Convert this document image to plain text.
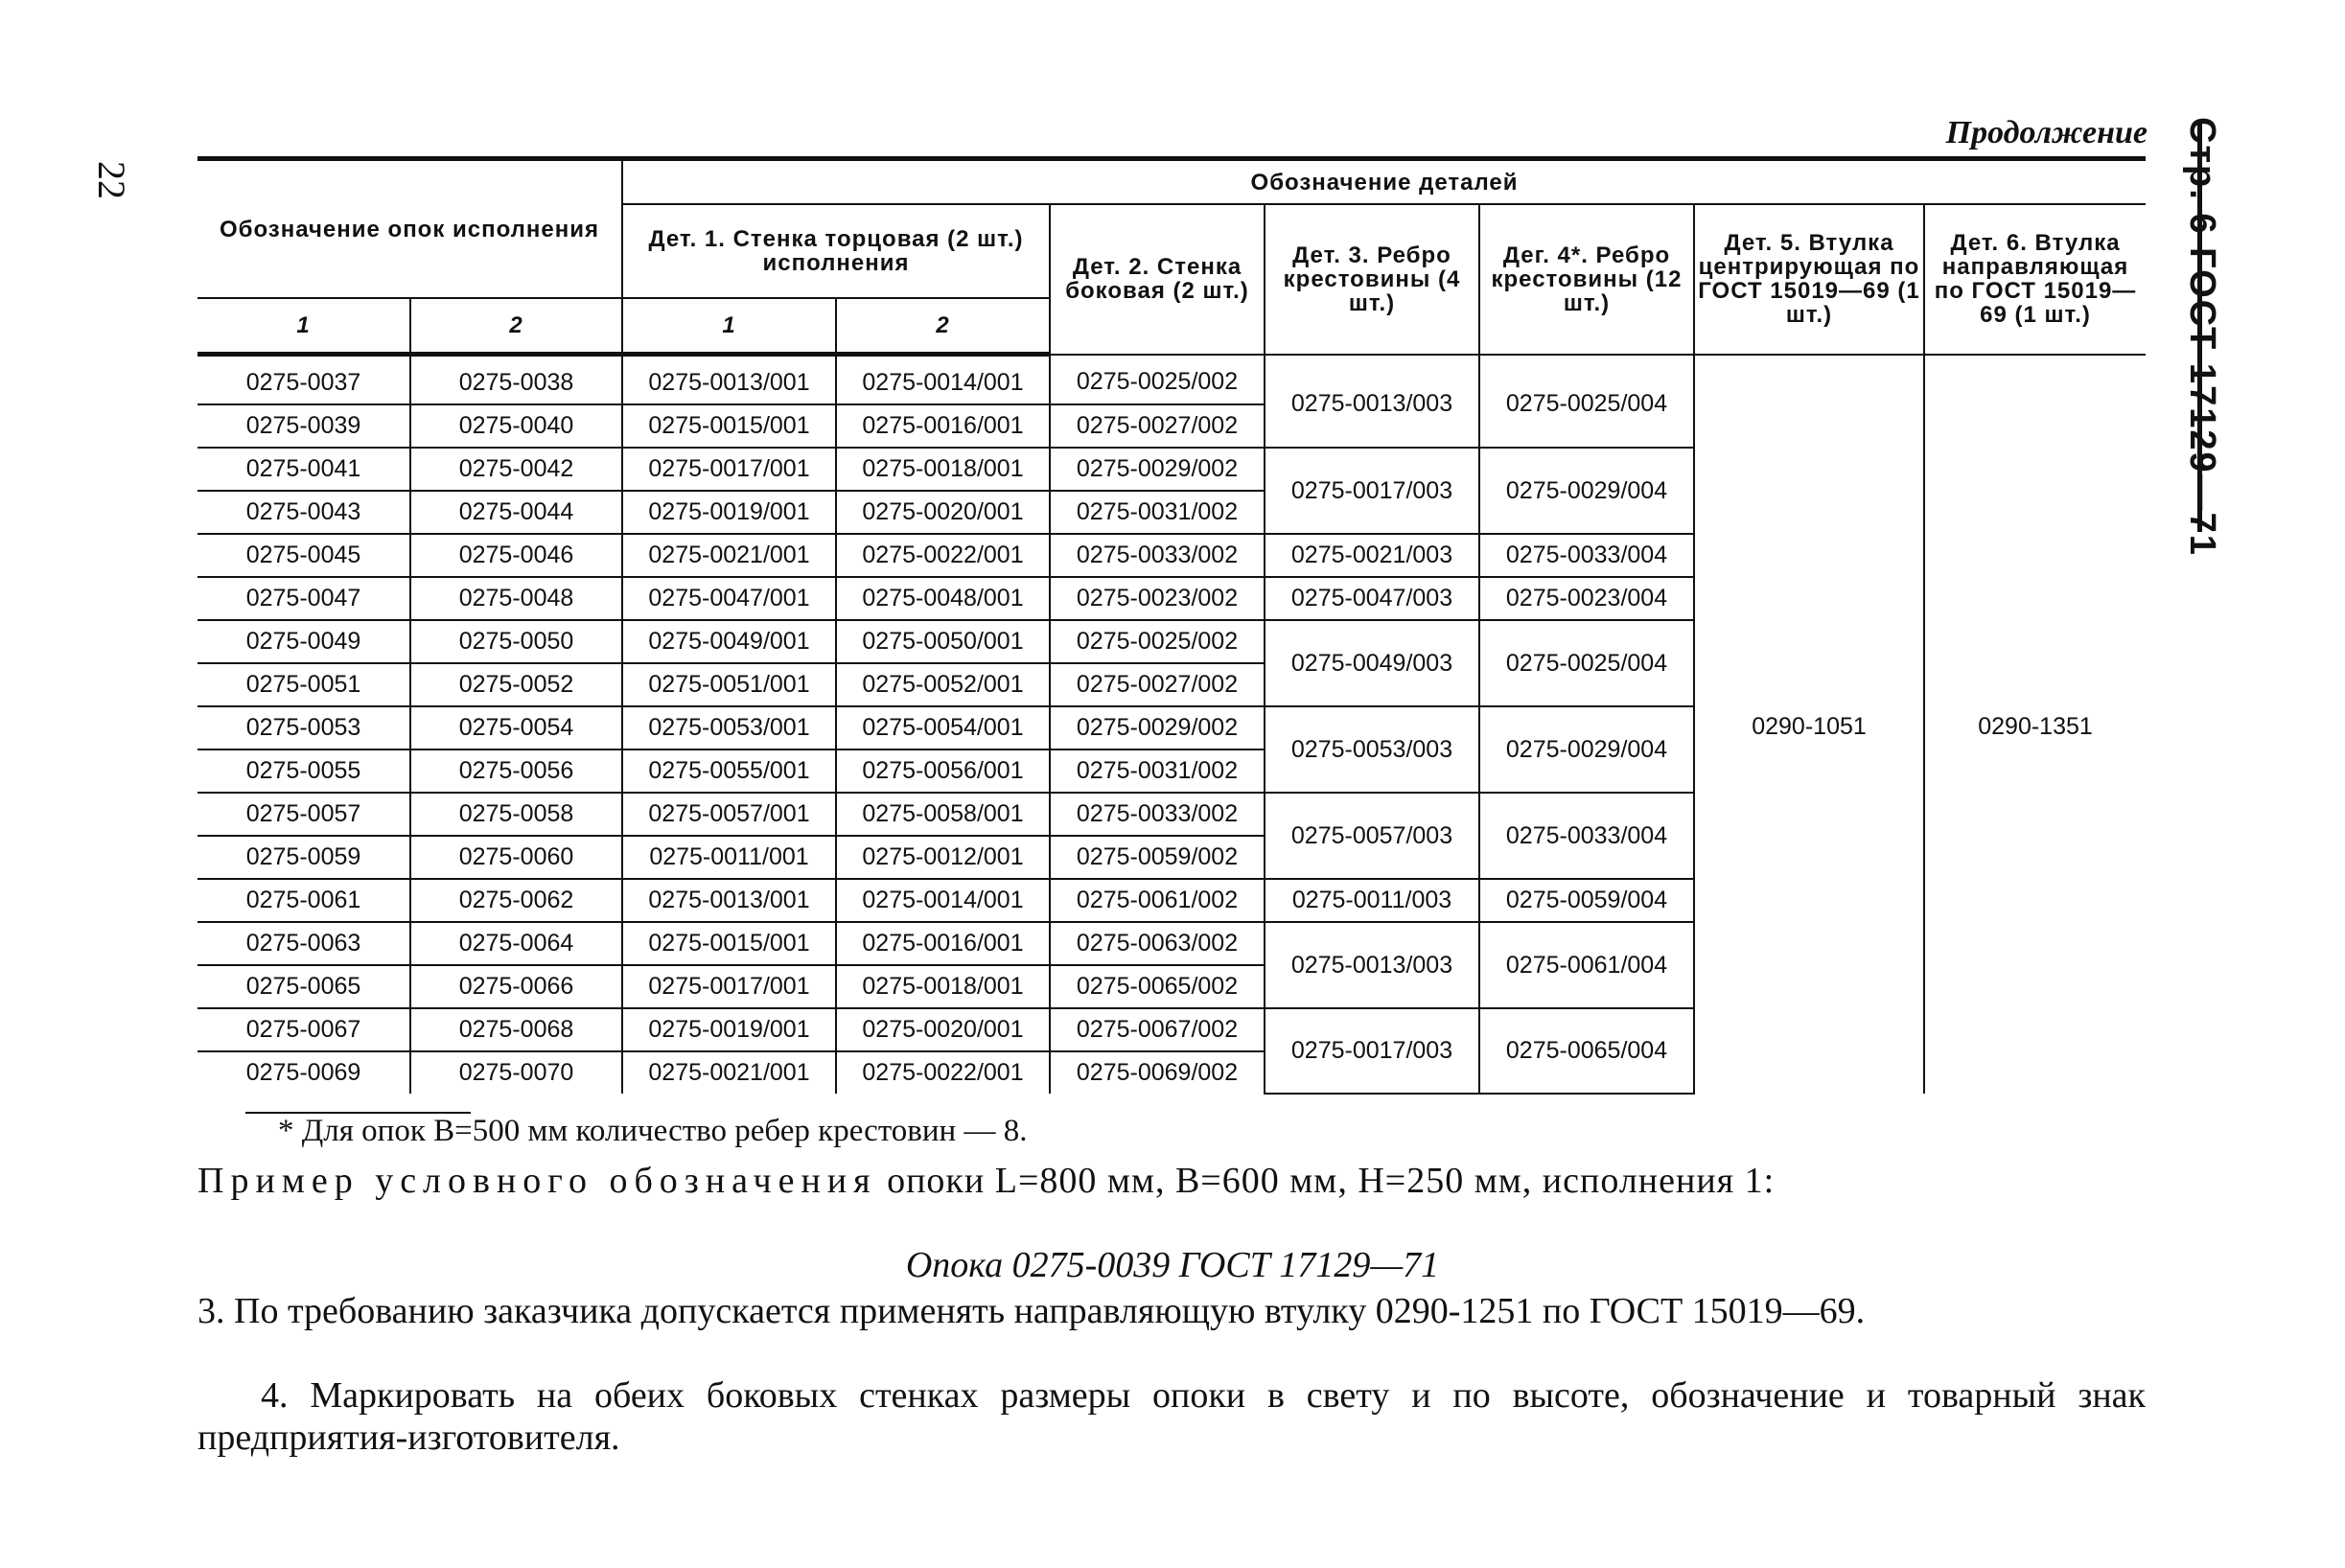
22	Стр. 6 ГОСТ 17129—71
Продолжение
Обозначение опок исполнения		Обозначение деталей						
		Дет. 1. Стенка торцовая (2 шт.) исполнения		Дет. 2. Стенка боковая (2 шт.)	Дет. 3. Ребро крестовины (4 шт.)	Дег. 4*. Ребро крестовины (12 шт.)	Дет. 5. Втулка центрирующая по ГОСТ 15019—69 (1 шт.)	Дет. 6. Втулка направляющая по ГОСТ 15019—69 (1 шт.)
1	2	1	2					
0275-0037	0275-0038	0275-0013/001	0275-0014/001	0275-0025/002	0275-0013/003	0275-0025/004	0290-1051	0290-1351
0275-0039	0275-0040	0275-0015/001	0275-0016/001	0275-0027/002				
0275-0041	0275-0042	0275-0017/001	0275-0018/001	0275-0029/002	0275-0017/003	0275-0029/004		
0275-0043	0275-0044	0275-0019/001	0275-0020/001	0275-0031/002				
0275-0045	0275-0046	0275-0021/001	0275-0022/001	0275-0033/002	0275-0021/003	0275-0033/004		
0275-0047	0275-0048	0275-0047/001	0275-0048/001	0275-0023/002	0275-0047/003	0275-0023/004		
0275-0049	0275-0050	0275-0049/001	0275-0050/001	0275-0025/002	0275-0049/003	0275-0025/004		
0275-0051	0275-0052	0275-0051/001	0275-0052/001	0275-0027/002				
0275-0053	0275-0054	0275-0053/001	0275-0054/001	0275-0029/002	0275-0053/003	0275-0029/004		
0275-0055	0275-0056	0275-0055/001	0275-0056/001	0275-0031/002				
0275-0057	0275-0058	0275-0057/001	0275-0058/001	0275-0033/002	0275-0057/003	0275-0033/004		
0275-0059	0275-0060	0275-0011/001	0275-0012/001	0275-0059/002				
0275-0061	0275-0062	0275-0013/001	0275-0014/001	0275-0061/002	0275-0011/003	0275-0059/004		
0275-0063	0275-0064	0275-0015/001	0275-0016/001	0275-0063/002	0275-0013/003	0275-0061/004		
0275-0065	0275-0066	0275-0017/001	0275-0018/001	0275-0065/002				
0275-0067	0275-0068	0275-0019/001	0275-0020/001	0275-0067/002	0275-0017/003	0275-0065/004		
0275-0069	0275-0070	0275-0021/001	0275-0022/001	0275-0069/002				
* Для опок B=500 мм количество ребер крестовин — 8.
Пример условного обозначения опоки L=800 мм, B=600 мм, H=250 мм, исполнения 1:
Опока 0275-0039 ГОСТ 17129—71
3. По требованию заказчика допускается применять направляющую втулку 0290-1251 по ГОСТ 15019—69.
4. Маркировать на обеих боковых стенках размеры опоки в свету и по высоте, обозначение и товарный знак предприятия-изготовителя.
